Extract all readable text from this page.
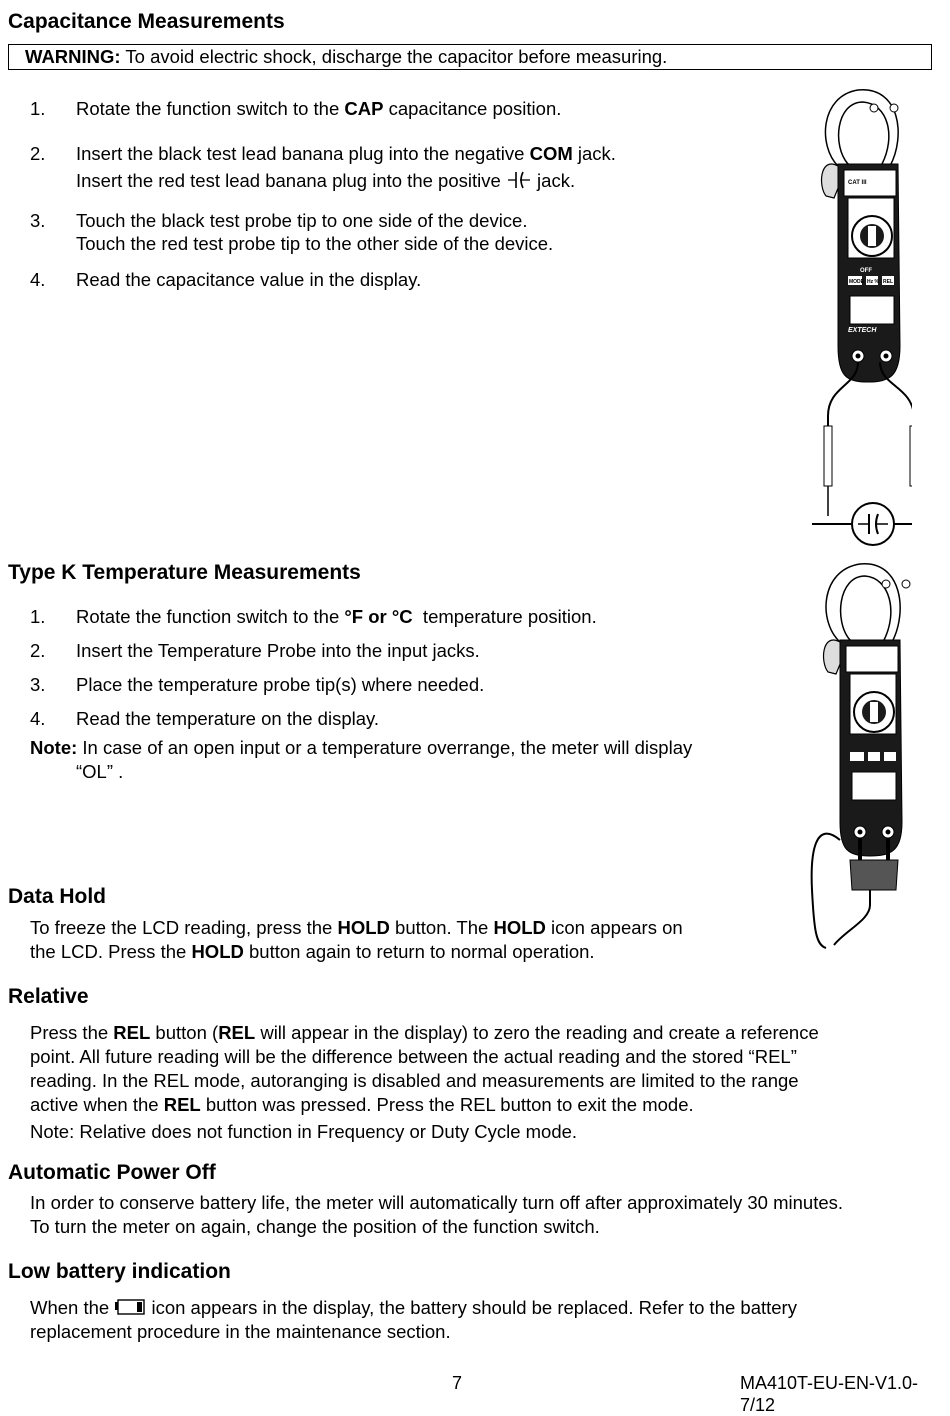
Capacitance Measurements
WARNING: To avoid electric shock, discharge the capacitor before measuring.
1. Rotate the function switch to the CAP capacitance position.
2. Insert the black test lead banana plug into the negative COM jack.
Insert the red test lead banana plug into the positive  jack.
3. Touch the black test probe tip to one side of the device.
Touch the red test probe tip to the other side of the device.
4. Read the capacitance value in the display.
CAT III
OFF
MODE Hz % REL
EXTECH
Type K Temperature Measurements
1. Rotate the function switch to the °F or °C  temperature position.
2. Insert the Temperature Probe into the input jacks.
3. Place the temperature probe tip(s) where needed.
4. Read the temperature on the display.
Note: In case of an open input or a temperature overrange, the meter will display
“OL” .
Data Hold
To freeze the LCD reading, press the HOLD button. The HOLD icon appears on
the LCD. Press the HOLD button again to return to normal operation.
Relative
Press the REL button (REL will appear in the display) to zero the reading and create a reference
point. All future reading will be the difference between the actual reading and the stored “REL”
reading. In the REL mode, autoranging is disabled and measurements are limited to the range
active when the REL button was pressed. Press the REL button to exit the mode.
Note: Relative does not function in Frequency or Duty Cycle mode.
Automatic Power Off
In order to conserve battery life, the meter will automatically turn off after approximately 30 minutes.
To turn the meter on again, change the position of the function switch.
Low battery indication
When the  icon appears in the display, the battery should be replaced. Refer to the battery
replacement procedure in the maintenance section.
7	MA410T-EU-EN-V1.0-7/12
